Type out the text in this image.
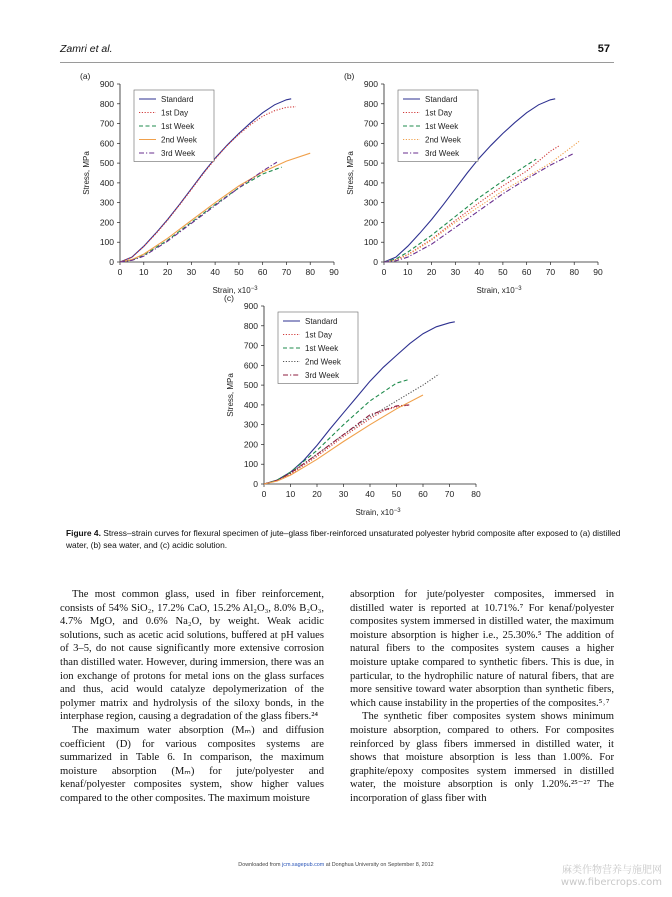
Zamri et al.	57
(a)
0
100
200
300
400
500
600
700
800
900
0 10 20 30 40 50 60 70 80 90
Strain, $x10^{-3}$
Stress, MPa
Standard
1st Day
1st Week
2nd Week
3rd Week
(b)
0
100
200
300
400
500
600
700
800
900
0 10 20 30 40 50 60 70 80 90
Strain, $x10^{-3}$
Stress, MPa
Standard
1st Day
1st Week
2nd Week
3rd Week
(c)
0
100
200
300
400
500
600
700
800
900
0 10 20 30 40 50 60 70 80
Strain, $x10^{-3}$
Stress, MPa
Standard
1st Day
1st Week
2nd Week
3rd Week
Figure 4. Stress–strain curves for flexural specimen of jute–glass fiber-reinforced unsaturated polyester hybrid composite after exposed to (a) distilled water, (b) sea water, and (c) acidic solution.

The most common glass, used in fiber reinforcement, consists of 54% SiO₂, 17.2% CaO, 15.2% Al₂O₃, 8.0% B₂O₃, 4.7% MgO, and 0.6% Na₂O, by weight. Weak acidic solutions, such as acetic acid solutions, buffered at pH values of 3–5, do not cause significantly more extensive corrosion than distilled water. However, during immersion, there was an ion exchange of protons for metal ions on the glass surfaces and thus, acid would catalyze depolymerization of the polymer matrix and hydrolysis of the siloxy bonds, in the interphase region, causing a degradation of the glass fibers.²⁴

The maximum water absorption (Mₘ) and diffusion coefficient (D) for various composites systems are summarized in Table 6. In comparison, the maximum moisture absorption (Mₘ) for jute/polyester and kenaf/polyester composites system, show higher values compared to the other composites. The maximum moisture

absorption for jute/polyester composites, immersed in distilled water is reported at 10.71%.⁷ For kenaf/polyester composites system immersed in distilled water, the maximum moisture absorption is higher i.e., 25.30%.⁵ The addition of natural fibers to the composites system causes a higher moisture uptake compared to synthetic fibers. This is due, in particular, to the hydrophilic nature of natural fibers, that are more sensitive toward water absorption than synthetic fibers, which cause instability in the properties of the composites.⁵˒⁷

The synthetic fiber composites system shows minimum moisture absorption, compared to others. For composites reinforced by glass fibers immersed in distilled water, it shows that moisture absorption is less than 1.00%. For graphite/epoxy composites system immersed in distilled water, the moisture absorption is only 1.20%.²⁵⁻²⁷ The incorporation of glass fiber with

Downloaded from jcm.sagepub.com at Donghua University on September 8, 2012	麻类作物营养与施肥网
www.fibercrops.com
